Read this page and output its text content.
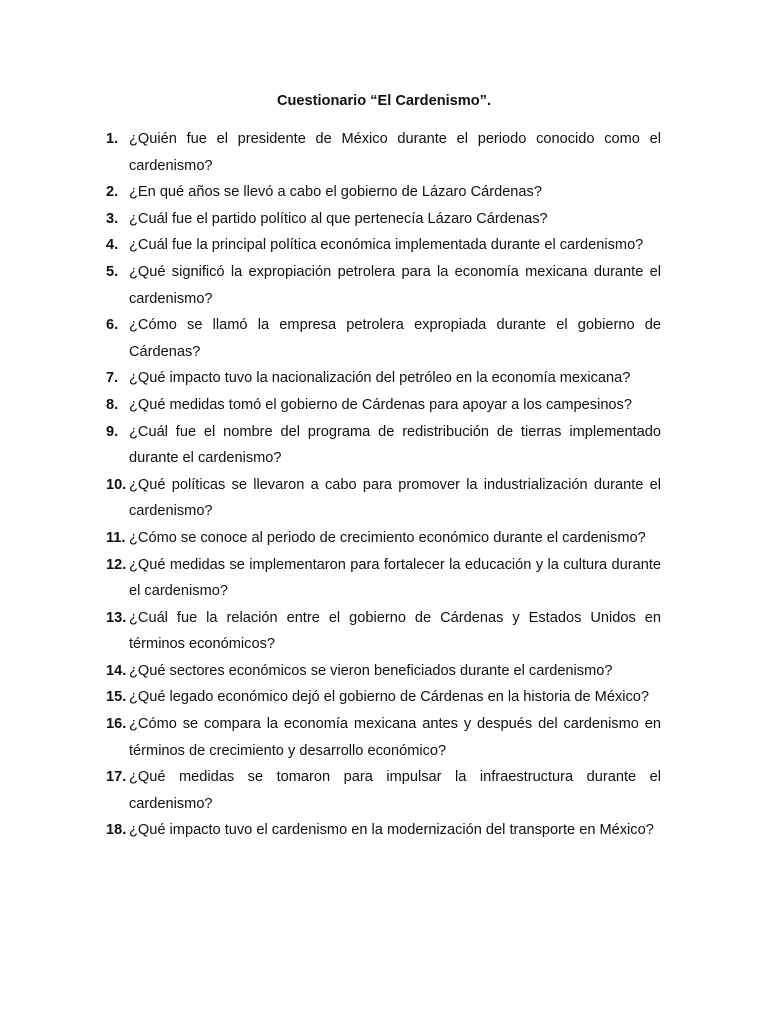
Cuestionario “El Cardenismo”.
1. ¿Quién fue el presidente de México durante el periodo conocido como el cardenismo?
2. ¿En qué años se llevó a cabo el gobierno de Lázaro Cárdenas?
3. ¿Cuál fue el partido político al que pertenecía Lázaro Cárdenas?
4. ¿Cuál fue la principal política económica implementada durante el cardenismo?
5. ¿Qué significó la expropiación petrolera para la economía mexicana durante el cardenismo?
6. ¿Cómo se llamó la empresa petrolera expropiada durante el gobierno de Cárdenas?
7. ¿Qué impacto tuvo la nacionalización del petróleo en la economía mexicana?
8. ¿Qué medidas tomó el gobierno de Cárdenas para apoyar a los campesinos?
9. ¿Cuál fue el nombre del programa de redistribución de tierras implementado durante el cardenismo?
10. ¿Qué políticas se llevaron a cabo para promover la industrialización durante el cardenismo?
11. ¿Cómo se conoce al periodo de crecimiento económico durante el cardenismo?
12. ¿Qué medidas se implementaron para fortalecer la educación y la cultura durante el cardenismo?
13. ¿Cuál fue la relación entre el gobierno de Cárdenas y Estados Unidos en términos económicos?
14. ¿Qué sectores económicos se vieron beneficiados durante el cardenismo?
15. ¿Qué legado económico dejó el gobierno de Cárdenas en la historia de México?
16. ¿Cómo se compara la economía mexicana antes y después del cardenismo en términos de crecimiento y desarrollo económico?
17. ¿Qué medidas se tomaron para impulsar la infraestructura durante el cardenismo?
18. ¿Qué impacto tuvo el cardenismo en la modernización del transporte en México?
